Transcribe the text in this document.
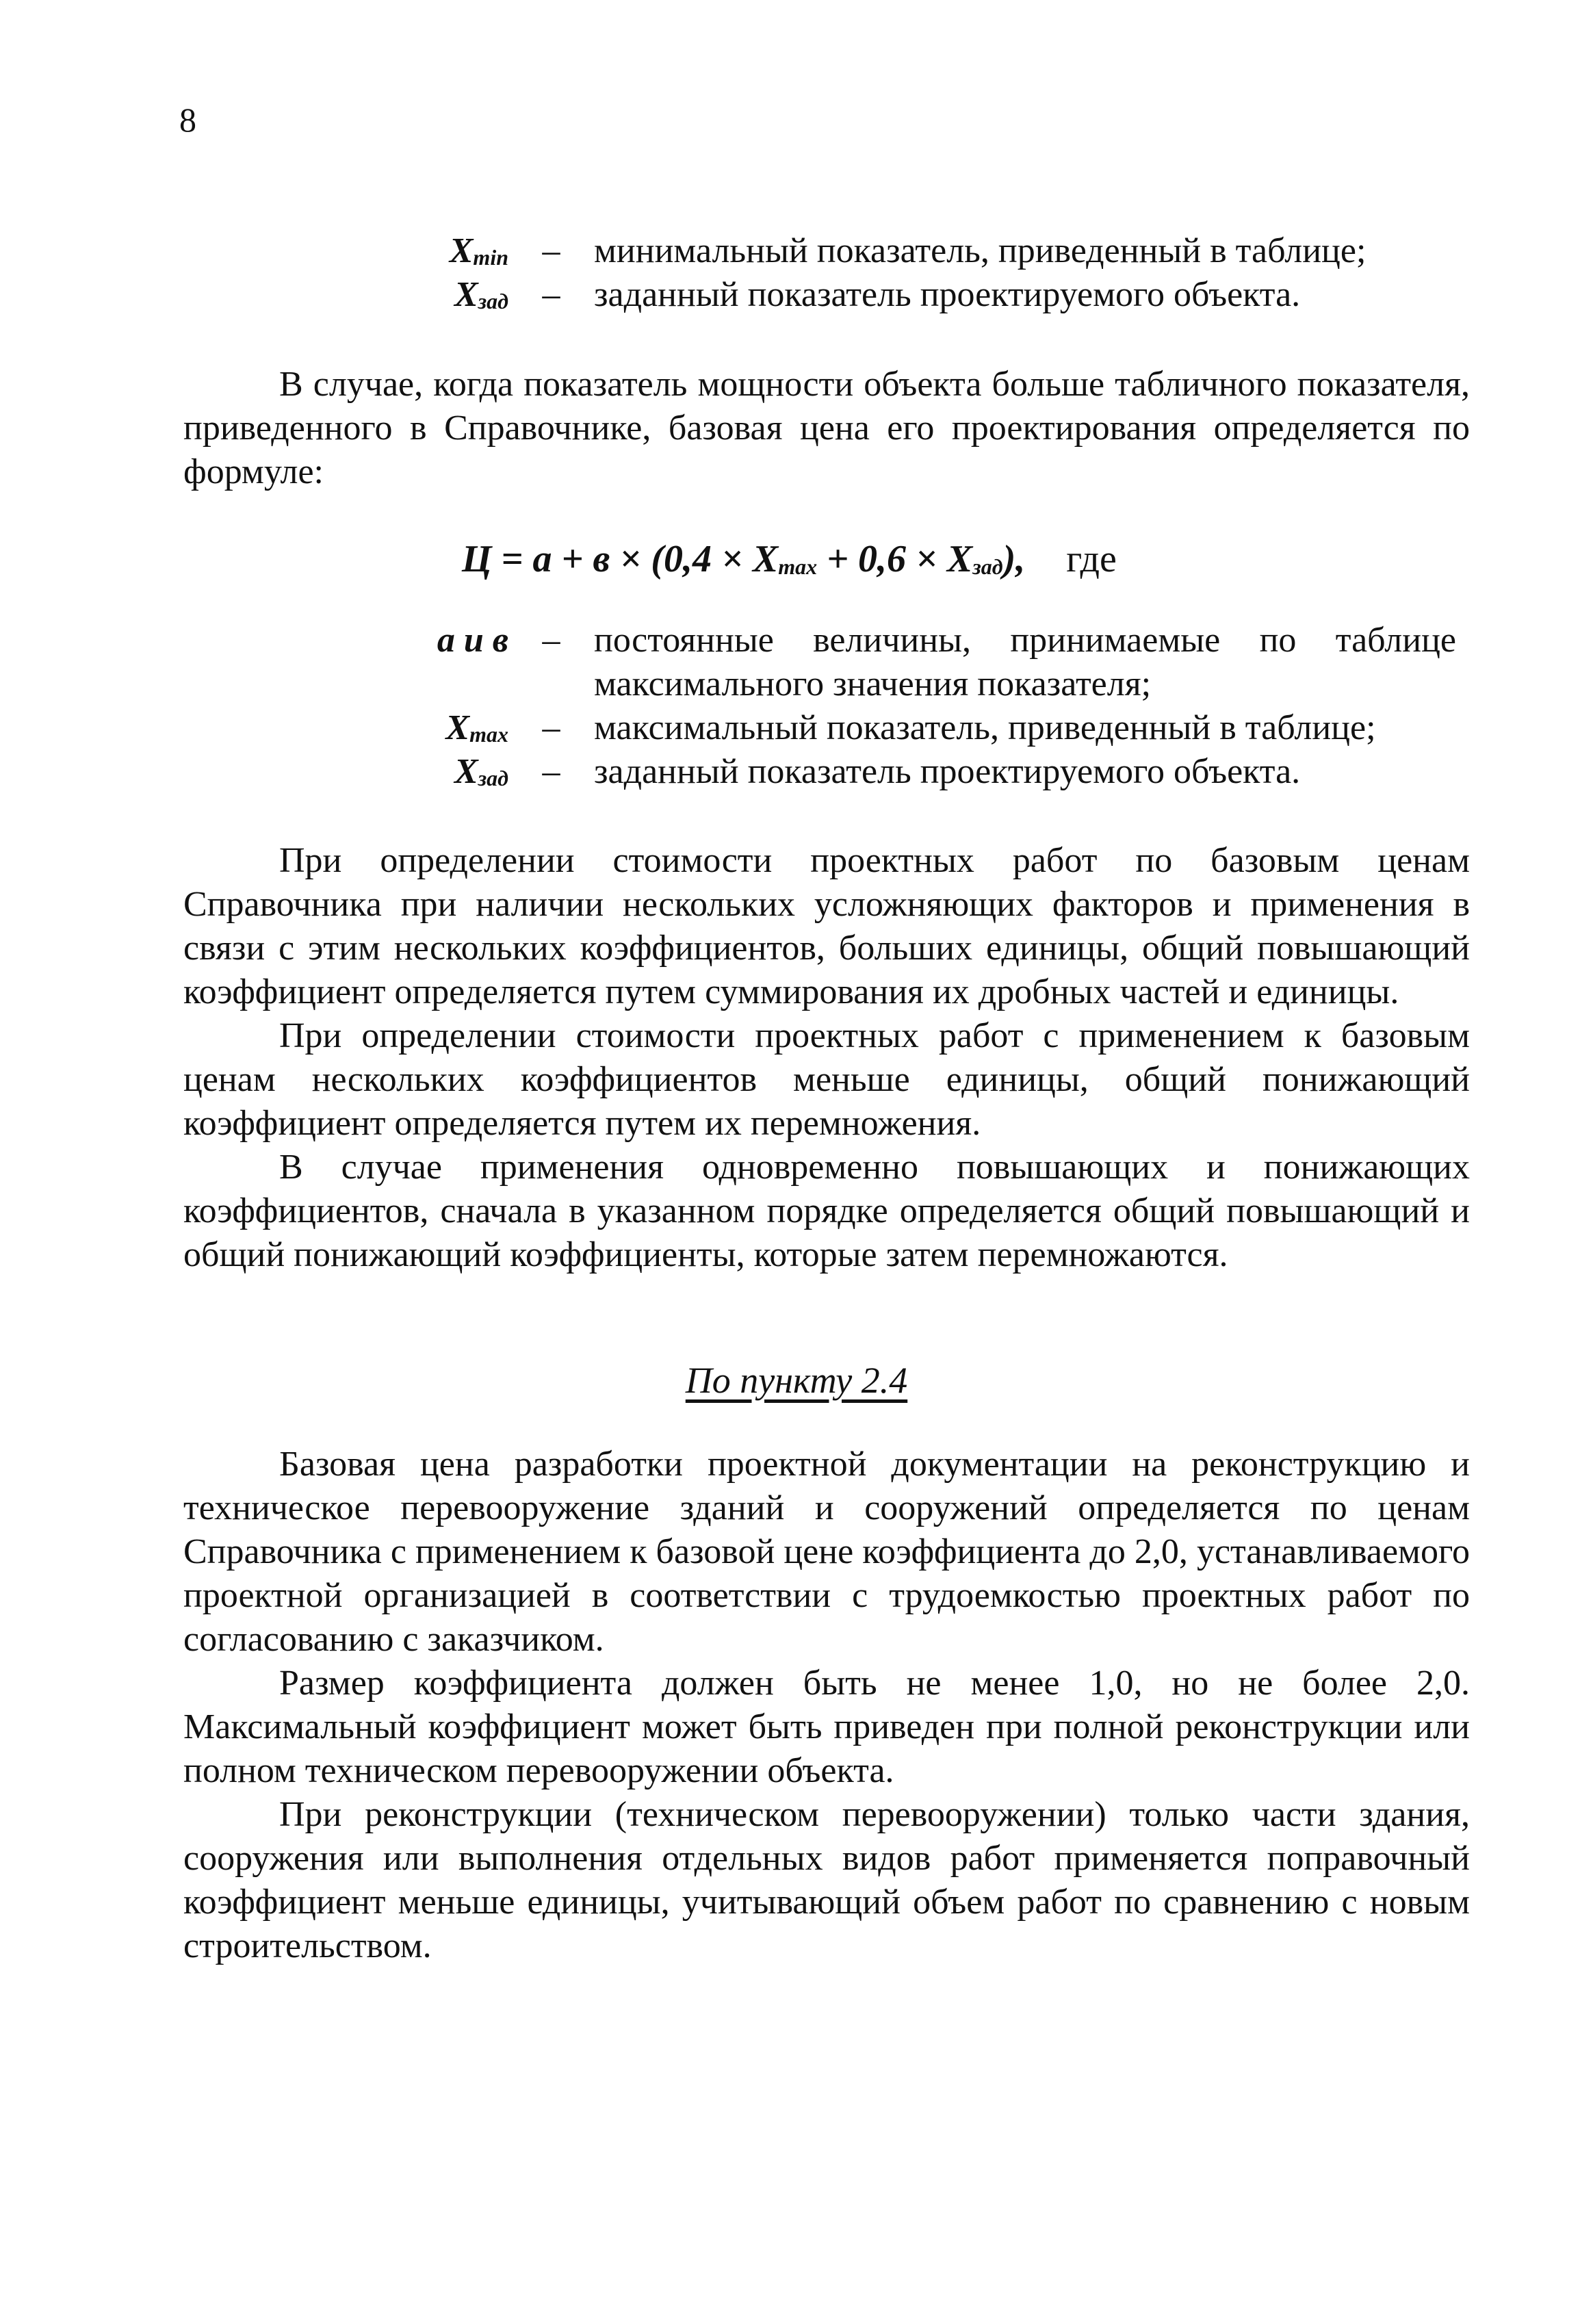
8
$X_{min}$ – минимальный показатель, приведенный в таблице;
$X_{зад}$ – заданный показатель проектируемого объекта.

В случае, когда показатель мощности объекта больше табличного показателя, приведенного в Справочнике, базовая цена его проектирования определяется по формуле:

$Ц = а + в \times (0,4 \times X_{max} + 0,6 \times X_{зад})$, где
а и в – постоянные величины, принимаемые по таблице максимального значения показателя;
$X_{max}$ – максимальный показатель, приведенный в таблице;
$X_{зад}$ – заданный показатель проектируемого объекта.

При определении стоимости проектных работ по базовым ценам Справочника при наличии нескольких усложняющих факторов и применения в связи с этим нескольких коэффициентов, больших единицы, общий повышающий коэффициент определяется путем суммирования их дробных частей и единицы.

При определении стоимости проектных работ с применением к базовым ценам нескольких коэффициентов меньше единицы, общий понижающий коэффициент определяется путем их перемножения.

В случае применения одновременно повышающих и понижающих коэффициентов, сначала в указанном порядке определяется общий повышающий и общий понижающий коэффициенты, которые затем перемножаются.

По пункту 2.4

Базовая цена разработки проектной документации на реконструкцию и техническое перевооружение зданий и сооружений определяется по ценам Справочника с применением к базовой цене коэффициента до 2,0, устанавливаемого проектной организацией в соответствии с трудоемкостью проектных работ по согласованию с заказчиком.

Размер коэффициента должен быть не менее 1,0, но не более 2,0. Максимальный коэффициент может быть приведен при полной реконструкции или полном техническом перевооружении объекта.

При реконструкции (техническом перевооружении) только части здания, сооружения или выполнения отдельных видов работ применяется поправочный коэффициент меньше единицы, учитывающий объем работ по сравнению с новым строительством.
